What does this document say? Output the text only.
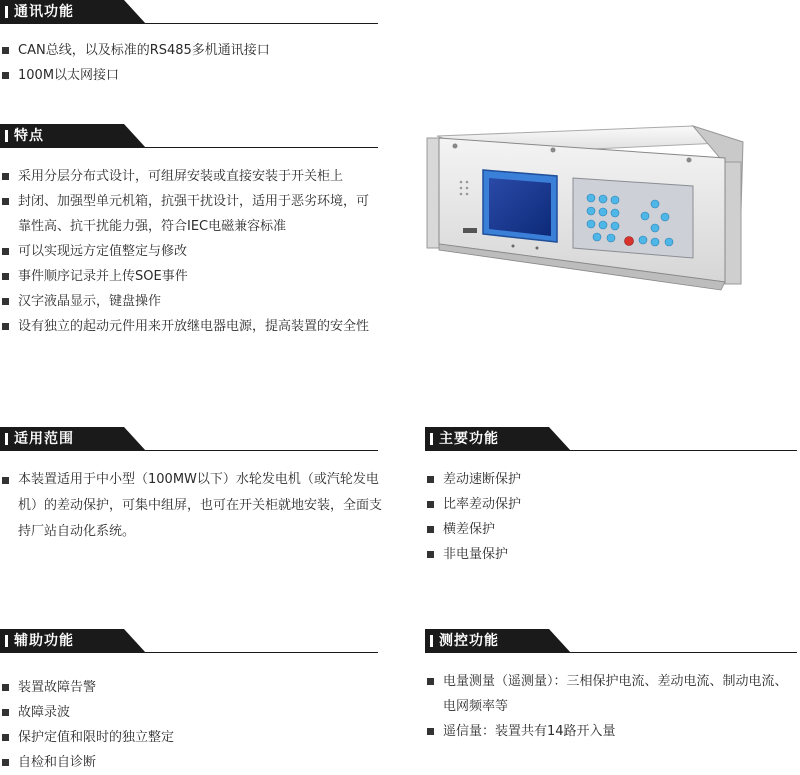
通讯功能
CAN总线，以及标准的RS485多机通讯接口
100M以太网接口
特点
采用分层分布式设计，可组屏安装或直接安装于开关柜上
封闭、加强型单元机箱，抗强干扰设计，适用于恶劣环境，可靠性高、抗干扰能力强，符合IEC电磁兼容标准
可以实现远方定值整定与修改
事件顺序记录并上传SOE事件
汉字液晶显示，键盘操作
设有独立的起动元件用来开放继电器电源，提高装置的安全性
适用范围
本装置适用于中小型（100MW以下）水轮发电机（或汽轮发电机）的差动保护，可集中组屏，也可在开关柜就地安装，全面支持厂站自动化系统。
主要功能
差动速断保护
比率差动保护
横差保护
非电量保护
辅助功能
装置故障告警
故障录波
保护定值和限时的独立整定
自检和自诊断
测控功能
电量测量（遥测量）：三相保护电流、差动电流、制动电流、电网频率等
遥信量：装置共有14路开入量
